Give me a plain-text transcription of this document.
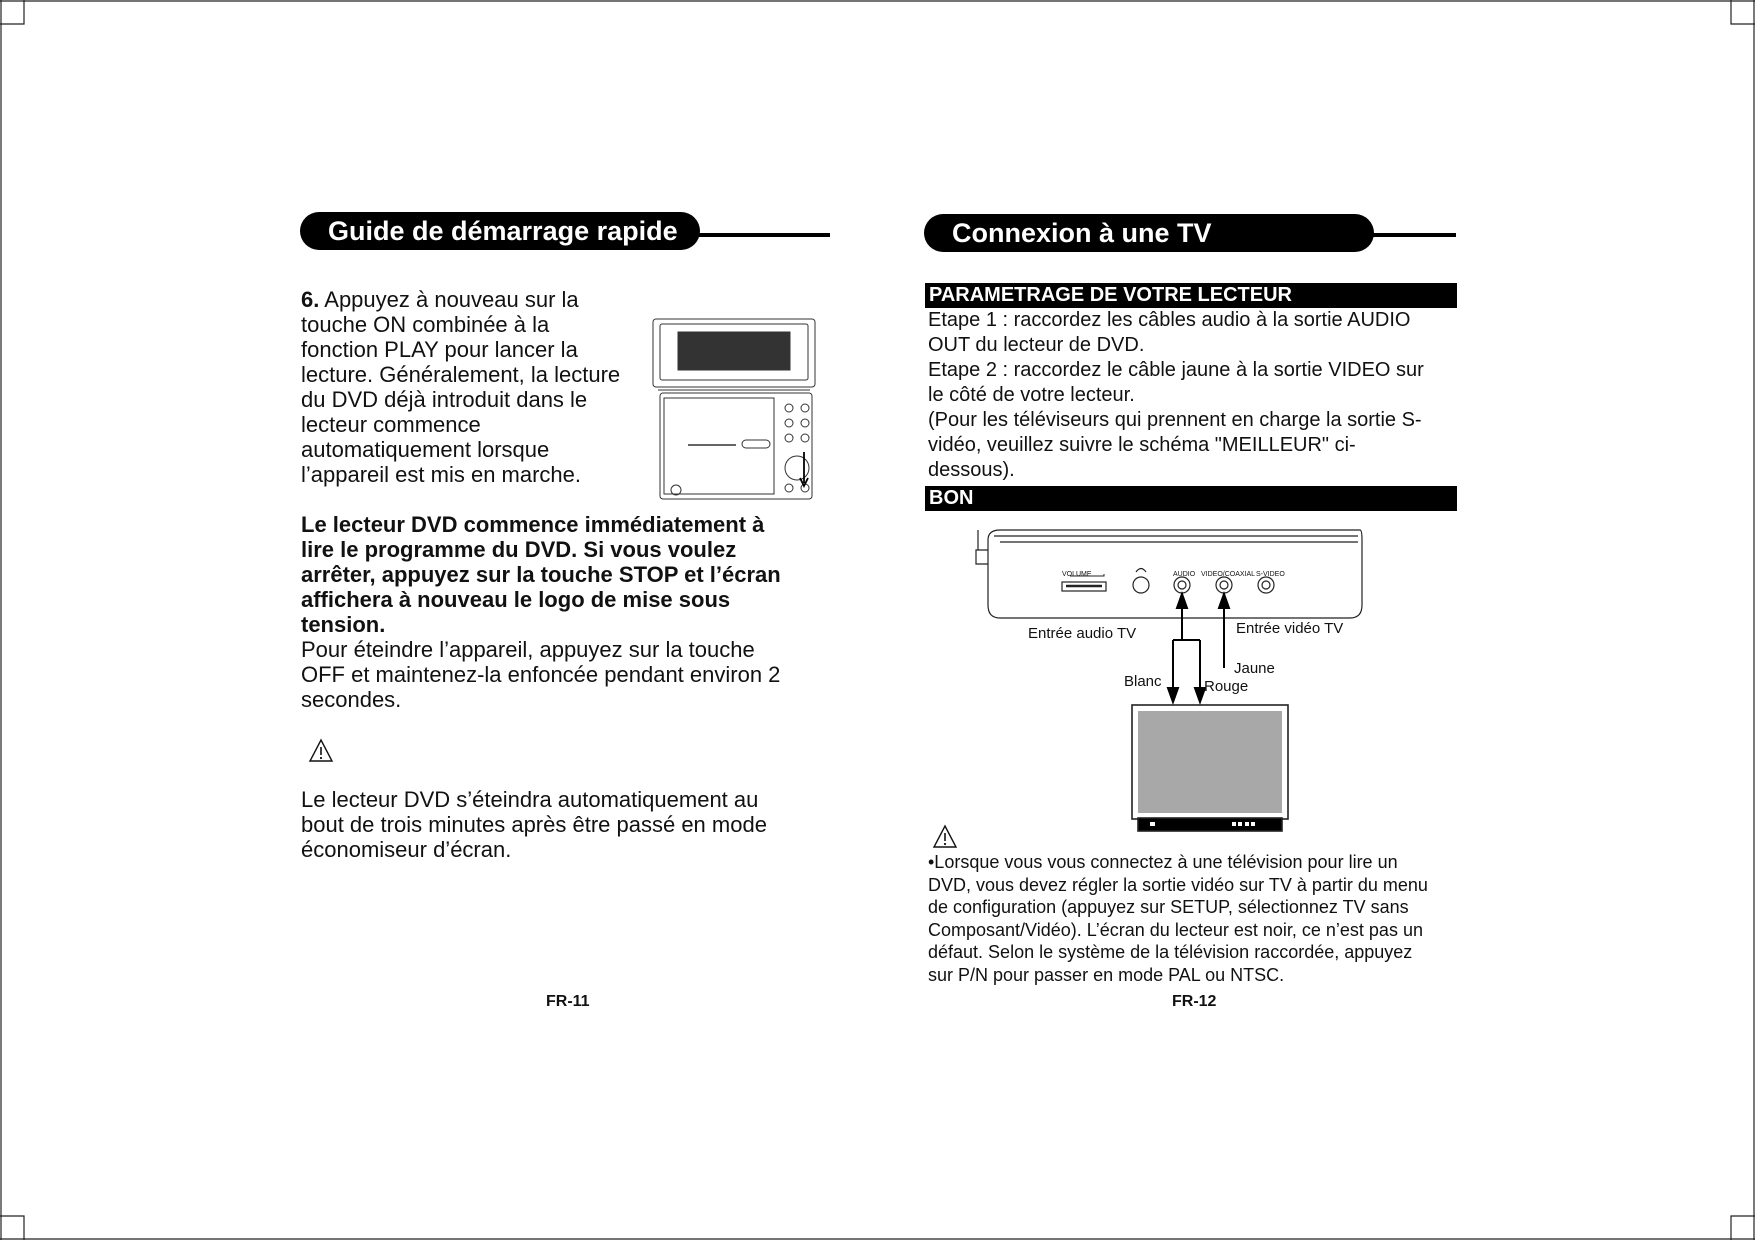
Guide de démarrage rapide
6. Appuyez à nouveau sur la
touche ON combinée à la
fonction PLAY pour lancer la
lecture. Généralement, la lecture
du DVD déjà introduit dans le
lecteur commence
automatiquement lorsque
l’appareil est mis en marche.
Le lecteur DVD commence immédiatement à
lire le programme du DVD. Si vous voulez
arrêter, appuyez sur la touche STOP et l’écran
affichera à nouveau le logo de mise sous
tension.
Pour éteindre l’appareil, appuyez sur la touche
OFF et maintenez-la enfoncée pendant environ 2
secondes.
Le lecteur DVD s’éteindra automatiquement au
bout de trois minutes après être passé en mode
économiseur d’écran.
FR-11
Connexion à une TV
PARAMETRAGE DE VOTRE LECTEUR
Etape 1 : raccordez les câbles audio à la sortie AUDIO
OUT du lecteur de DVD.
Etape 2 : raccordez le câble jaune à la sortie VIDEO sur
le côté de votre lecteur.
(Pour les téléviseurs qui prennent en charge la sortie S-
vidéo, veuillez suivre le schéma "MEILLEUR" ci-
dessous).
BON
VOLUME	AUDIO VIDEO/COAXIAL S-VIDEO
Entrée audio TV	Entrée vidéo TV
Jaune
Blanc	Rouge
•Lorsque vous vous connectez à une télévision pour lire un
DVD, vous devez régler la sortie vidéo sur TV à partir du menu
de configuration (appuyez sur SETUP, sélectionnez TV sans
Composant/Vidéo). L’écran du lecteur est noir, ce n’est pas un
défaut. Selon le système de la télévision raccordée, appuyez
sur P/N pour passer en mode PAL ou NTSC.
FR-12
